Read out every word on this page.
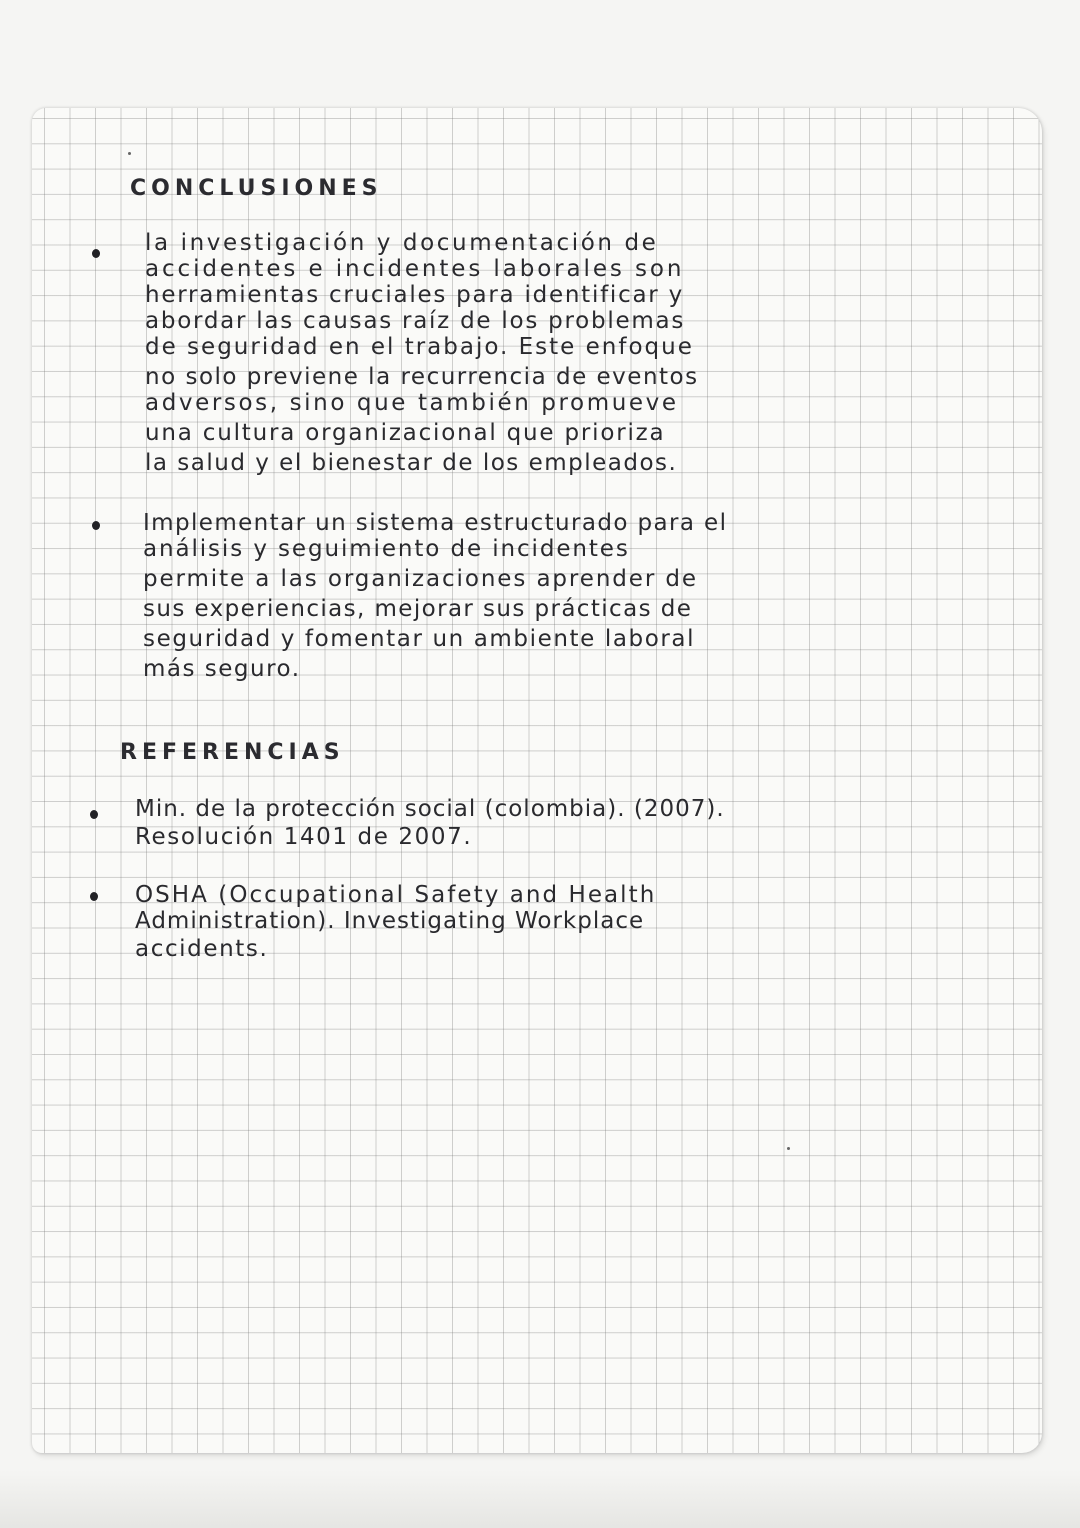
CONCLUSIONES
la investigación y documentación de
accidentes e incidentes laborales son
herramientas cruciales para identificar y
abordar las causas raíz de los problemas
de seguridad en el trabajo. Este enfoque
no solo previene la recurrencia de eventos
adversos, sino que también promueve
una cultura organizacional que prioriza
la salud y el bienestar de los empleados.
Implementar un sistema estructurado para el
análisis y seguimiento de incidentes
permite a las organizaciones aprender de
sus experiencias, mejorar sus prácticas de
seguridad y fomentar un ambiente laboral
más seguro.
REFERENCIAS
Min. de la protección social (colombia). (2007).
Resolución 1401 de 2007.
OSHA (Occupational Safety and Health
Administration). Investigating Workplace
accidents.
